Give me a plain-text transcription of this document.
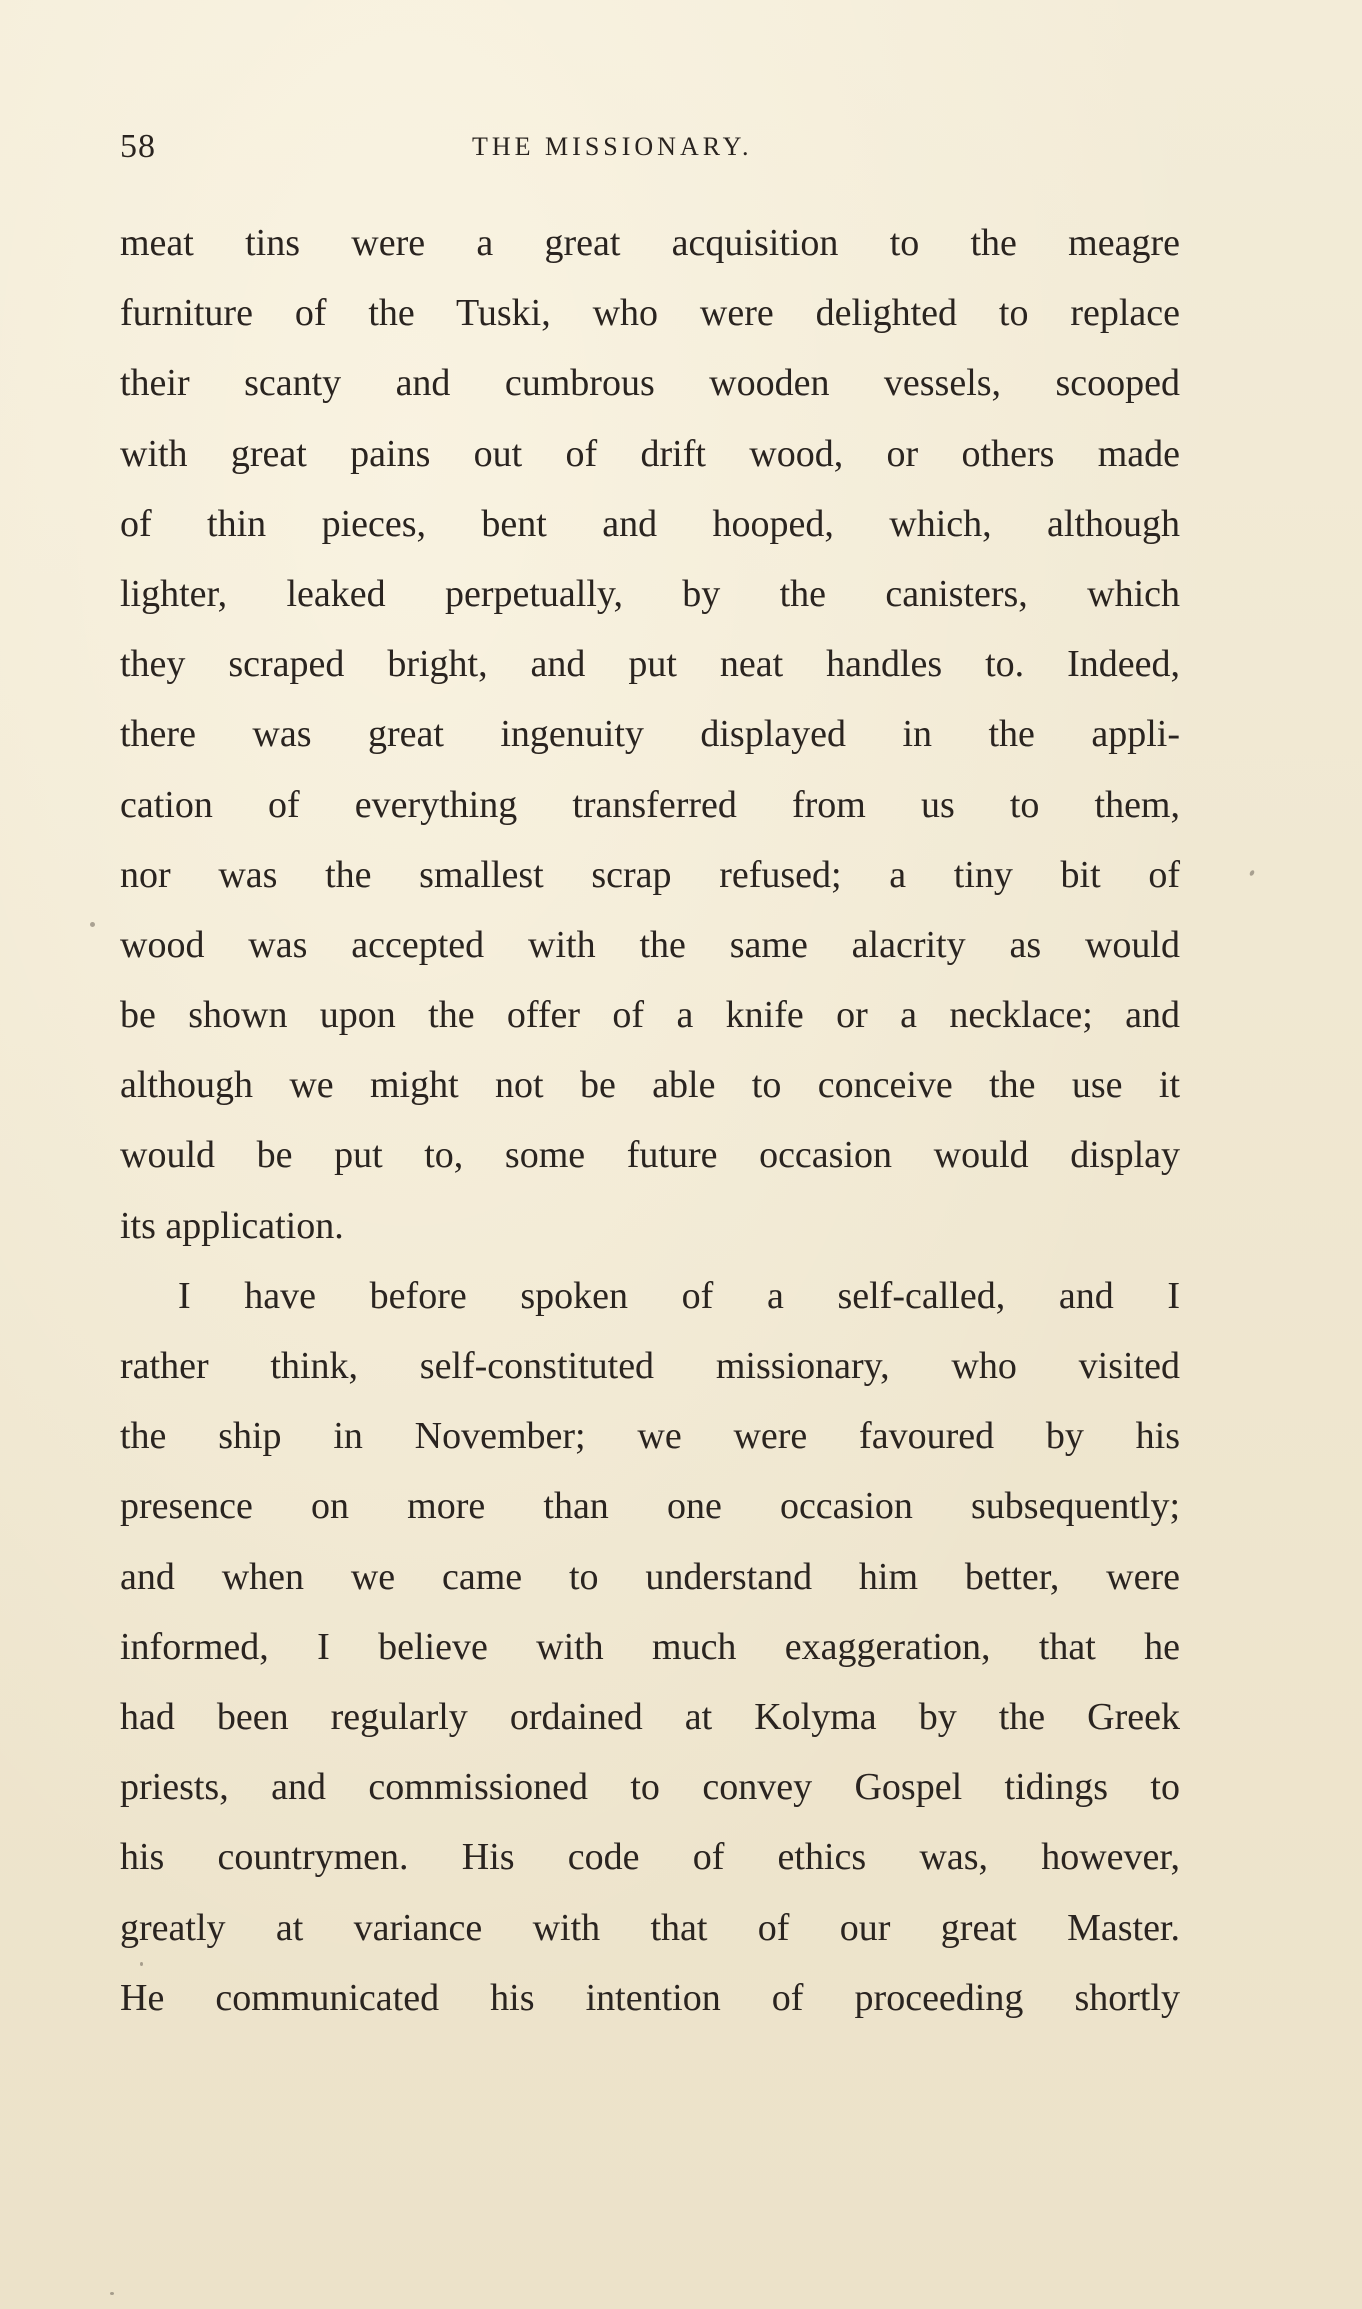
58	THE MISSIONARY.
meat tins were a great acquisition to the meagre
furniture of the Tuski, who were delighted to replace
their scanty and cumbrous wooden vessels, scooped
with great pains out of drift wood, or others made
of thin pieces, bent and hooped, which, although
lighter, leaked perpetually, by the canisters, which
they scraped bright, and put neat handles to. Indeed,
there was great ingenuity displayed in the appli-
cation of everything transferred from us to them,
nor was the smallest scrap refused; a tiny bit of
wood was accepted with the same alacrity as would
be shown upon the offer of a knife or a necklace; and
although we might not be able to conceive the use it
would be put to, some future occasion would display
its application.
I have before spoken of a self-called, and I
rather think, self-constituted missionary, who visited
the ship in November; we were favoured by his
presence on more than one occasion subsequently;
and when we came to understand him better, were
informed, I believe with much exaggeration, that he
had been regularly ordained at Kolyma by the Greek
priests, and commissioned to convey Gospel tidings to
his countrymen. His code of ethics was, however,
greatly at variance with that of our great Master.
He communicated his intention of proceeding shortly
